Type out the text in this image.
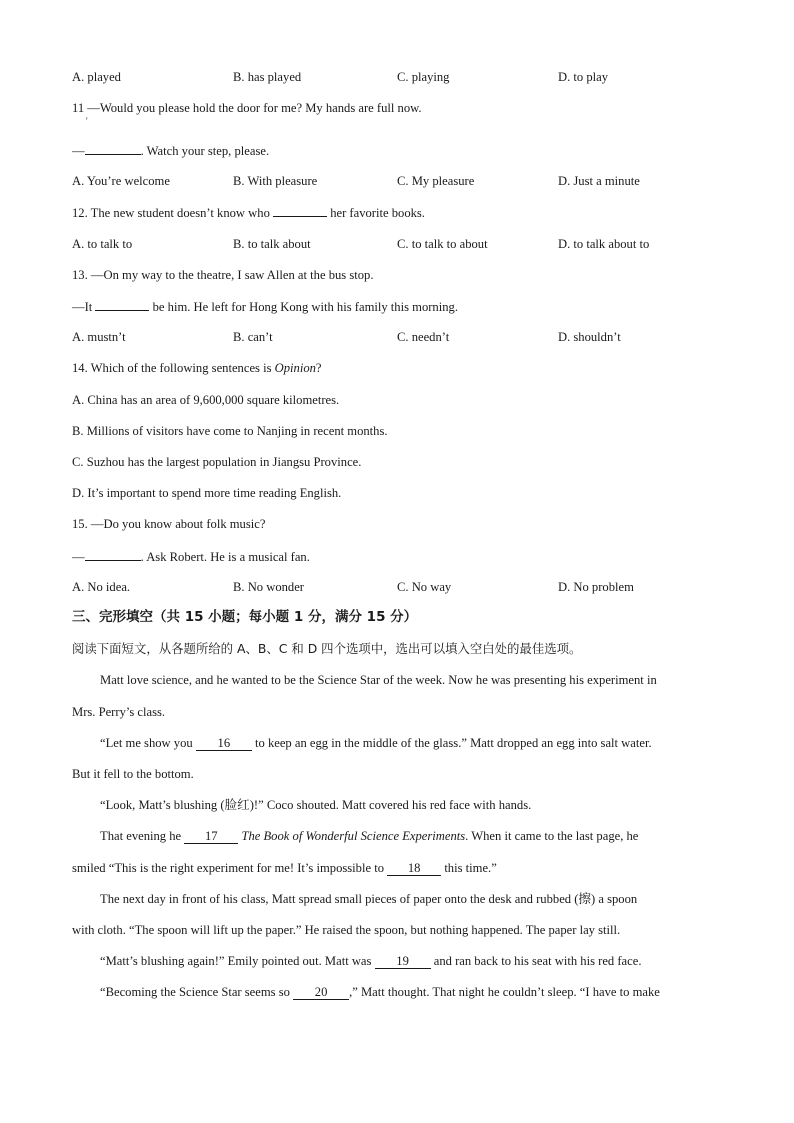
A. played	B. has played	C. playing	D. to play
11 —Would you please hold the door for me? My hands are full now.
'
—	. Watch your step, please.
A. You’re welcome	B. With pleasure	C. My pleasure	D. Just a minute
12. The new student doesn’t know who	her favorite books.
A. to talk to	B. to talk about	C. to talk to about	D. to talk about to
13. —On my way to the theatre, I saw Allen at the bus stop.
—It	be him. He left for Hong Kong with his family this morning.
A. mustn’t	B. can’t	C. needn’t	D. shouldn’t
14. Which of the following sentences is Opinion?
A. China has an area of 9,600,000 square kilometres.
B. Millions of visitors have come to Nanjing in recent months.
C. Suzhou has the largest population in Jiangsu Province.
D. It’s important to spend more time reading English.
15. —Do you know about folk music?
—	. Ask Robert. He is a musical fan.
A. No idea.	B. No wonder	C. No way	D. No problem
三、完形填空（共 15 小题；每小题 1 分，满分 15 分）
阅读下面短文，从各题所给的 A、B、C 和 D 四个选项中，选出可以填入空白处的最佳选项。
Matt love science, and he wanted to be the Science Star of the week. Now he was presenting his experiment in
Mrs. Perry’s class.
“Let me show you 16 to keep an egg in the middle of the glass.” Matt dropped an egg into salt water.
But it fell to the bottom.
“Look, Matt’s blushing (脸红)!” Coco shouted. Matt covered his red face with hands.
That evening he 17 The Book of Wonderful Science Experiments. When it came to the last page, he
smiled “This is the right experiment for me! It’s impossible to 18 this time.”
The next day in front of his class, Matt spread small pieces of paper onto the desk and rubbed (擦) a spoon
with cloth. “The spoon will lift up the paper.” He raised the spoon, but nothing happened. The paper lay still.
“Matt’s blushing again!” Emily pointed out. Matt was 19 and ran back to his seat with his red face.
“Becoming the Science Star seems so 20 ,” Matt thought. That night he couldn’t sleep. “I have to make
